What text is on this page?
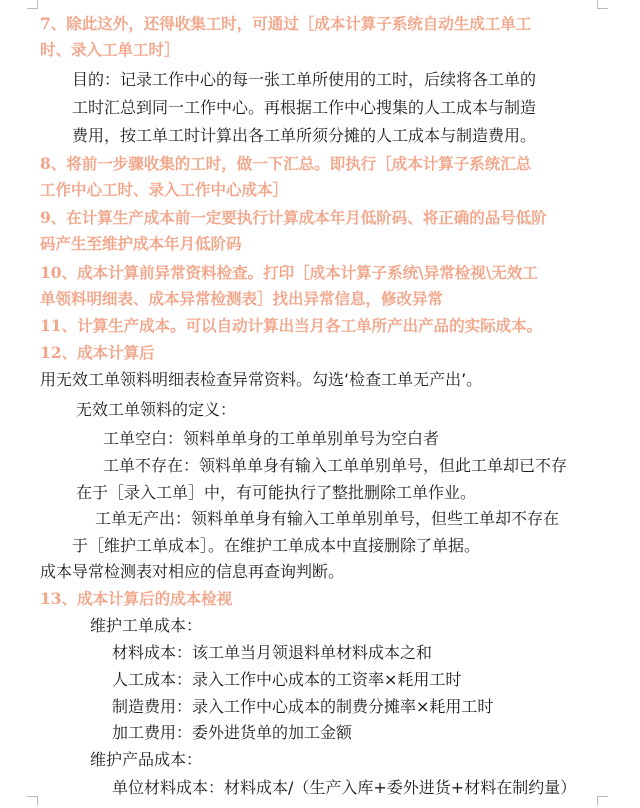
7、除此这外，还得收集工时，可通过［成本计算子系统自动生成工单工
时、录入工单工时］
目的：记录工作中心的每一张工单所使用的工时，后续将各工单的
工时汇总到同一工作中心。再根据工作中心搜集的人工成本与制造
费用，按工单工时计算出各工单所须分摊的人工成本与制造费用。
8、将前一步骤收集的工时，做一下汇总。即执行［成本计算子系统汇总
工作中心工时、录入工作中心成本］
9、在计算生产成本前一定要执行计算成本年月低阶码、将正确的品号低阶
码产生至维护成本年月低阶码
10、成本计算前异常资料检查。打印［成本计算子系统\异常检视\无效工
单领料明细表、成本异常检测表］找出异常信息，修改异常
11、计算生产成本。可以自动计算出当月各工单所产出产品的实际成本。
12、成本计算后
用无效工单领料明细表检查异常资料。勾选‘检查工单无产出’。
无效工单领料的定义：
工单空白：领料单单身的工单单别单号为空白者
工单不存在：领料单单身有输入工单单别单号，但此工单却已不存
在于［录入工单］中，有可能执行了整批删除工单作业。
工单无产出：领料单单身有输入工单单别单号，但些工单却不存在
于［维护工单成本］。在维护工单成本中直接删除了单据。
成本导常检测表对相应的信息再查询判断。
13、成本计算后的成本检视
维护工单成本：
材料成本：该工单当月领退料单材料成本之和
人工成本：录入工作中心成本的工资率×耗用工时
制造费用：录入工作中心成本的制费分摊率×耗用工时
加工费用：委外进货单的加工金额
维护产品成本：
单位材料成本：材料成本/（生产入库+委外进货+材料在制约量）
